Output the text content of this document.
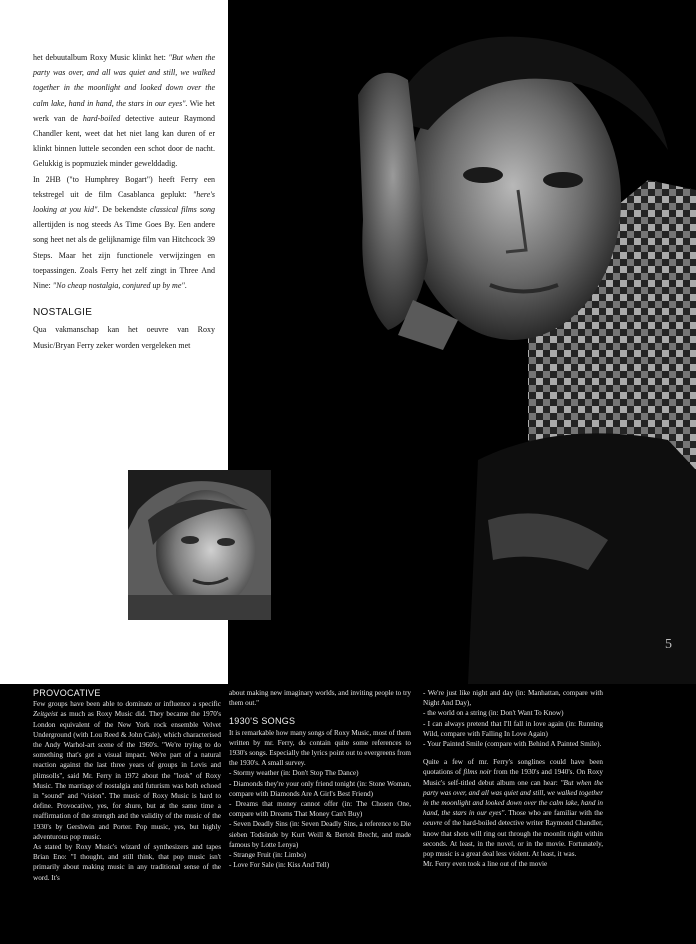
het debuutalbum Roxy Music klinkt het: "But when the party was over, and all was quiet and still, we walked together in the moonlight and looked down over the calm lake, hand in hand, the stars in our eyes". Wie het werk van de hard-boiled detective auteur Raymond Chandler kent, weet dat het niet lang kan duren of er klinkt binnen luttele seconden een schot door de nacht. Gelukkig is popmuziek minder gewelddadig.

In 2HB ("to Humphrey Bogart") heeft Ferry een tekstregel uit de film Casablanca geplukt: "here's looking at you kid". De bekendste classical films song allertijden is nog steeds As Time Goes By. Een andere song heet net als de gelijknamige film van Hitchcock 39 Steps. Maar het zijn functionele verwijzingen en toepassingen. Zoals Ferry het zelf zingt in Three And Nine: "No cheap nostalgia, conjured up by me".

NOSTALGIE

Qua vakmanschap kan het oeuvre van Roxy Music/Bryan Ferry zeker worden vergeleken met

5
PROVOCATIVE

Few groups have been able to dominate or influence a specific Zeitgeist as much as Roxy Music did. They became the 1970's London equivalent of the New York rock ensemble Velvet Underground (with Lou Reed & John Cale), which characterised the Andy Warhol-art scene of the 1960's. "We're trying to do something that's got a visual impact. We're part of a natural reaction against the last three years of groups in Levis and plimsolls", said Mr. Ferry in 1972 about the "look" of Roxy Music. The marriage of nostalgia and futurism was both echoed in "sound" and "vision". The music of Roxy Music is hard to define. Provocative, yes, for shure, but at the same time a reaffirmation of the strength and the validity of the music of the 1930's by Gershwin and Porter. Pop music, yes, but highly adventurous pop music.

As stated by Roxy Music's wizard of synthesizers and tapes Brian Eno: "I thought, and still think, that pop music isn't primarily about making music in any traditional sense of the word. It's

about making new imaginary worlds, and inviting people to try them out."

1930'S SONGS

It is remarkable how many songs of Roxy Music, most of them written by mr. Ferry, do contain quite some references to 1930's songs. Especially the lyrics point out to evergreens from the 1930's. A small survey.

- Stormy weather (in: Don't Stop The Dance)
- Diamonds they're your only friend tonight (in: Stone Woman, compare with Diamonds Are A Girl's Best Friend)
- Dreams that money cannot offer (in: The Chosen One, compare with Dreams That Money Can't Buy)
- Seven Deadly Sins (in: Seven Deadly Sins, a reference to Die sieben Todsünde by Kurt Weill & Bertolt Brecht, and made famous by Lotte Lenya)
- Strange Fruit (in: Limbo)
- Love For Sale (in: Kiss And Tell)
- We're just like night and day (in: Manhattan, compare with Night And Day),
- the world on a string (in: Don't Want To Know)
- I can always pretend that I'll fall in love again (in: Running Wild, compare with Falling In Love Again)
- Your Painted Smile (compare with Behind A Painted Smile).

Quite a few of mr. Ferry's songlines could have been quotations of films noir from the 1930's and 1940's. On Roxy Music's self-titled debut album one can hear: "But when the party was over, and all was quiet and still, we walked together in the moonlight and looked down over the calm lake, hand in hand, the stars in our eyes". Those who are familiar with the oeuvre of the hard-boiled detective writer Raymond Chandler, know that shots will ring out through the moonlit night within seconds. At least, in the novel, or in the movie. Fortunately, pop music is a great deal less violent. At least, it was.

Mr. Ferry even took a line out of the movie
